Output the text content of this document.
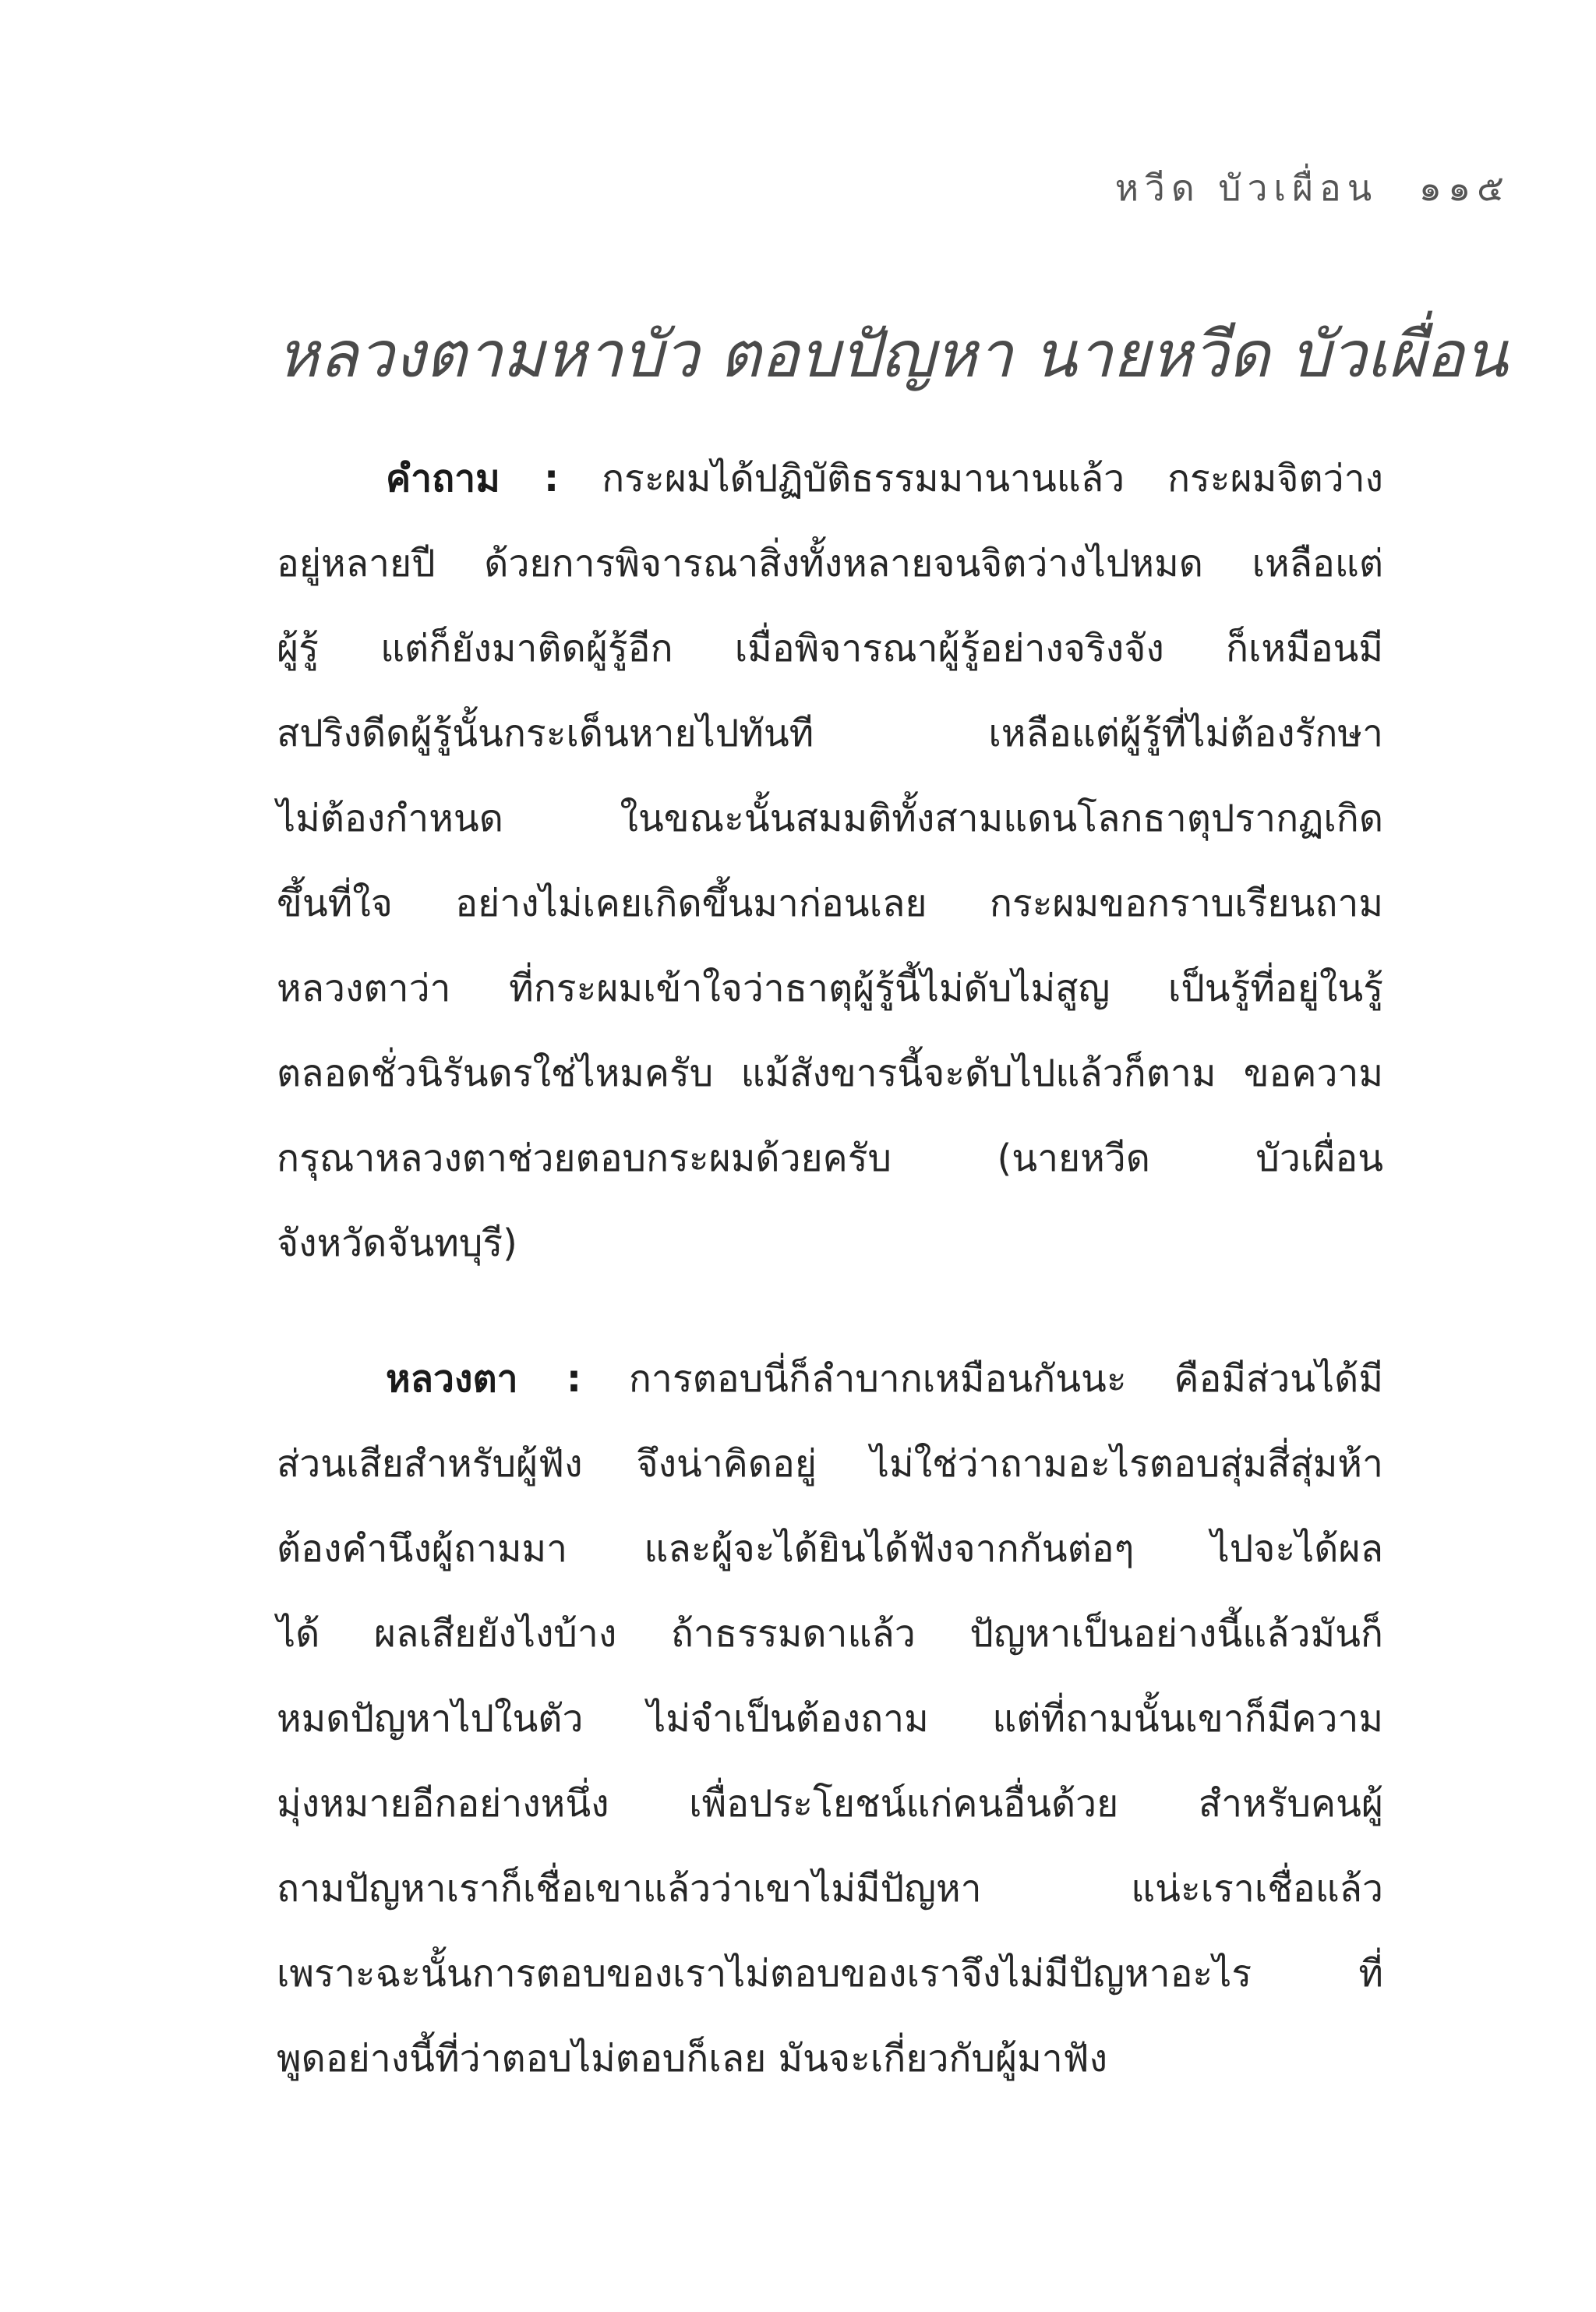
หวีด บัวเผื่อน ๑๑๕
หลวงตามหาบัว ตอบปัญหา นายหวีด บัวเผื่อน
คำถาม : กระผมได้ปฏิบัติธรรมมานานแล้ว กระผมจิตว่าง
อยู่หลายปี ด้วยการพิจารณาสิ่งทั้งหลายจนจิตว่างไปหมด เหลือแต่
ผู้รู้ แต่ก็ยังมาติดผู้รู้อีก เมื่อพิจารณาผู้รู้อย่างจริงจัง ก็เหมือนมี
สปริงดีดผู้รู้นั้นกระเด็นหายไปทันที เหลือแต่ผู้รู้ที่ไม่ต้องรักษา
ไม่ต้องกำหนด ในขณะนั้นสมมติทั้งสามแดนโลกธาตุปรากฏเกิด
ขึ้นที่ใจ อย่างไม่เคยเกิดขึ้นมาก่อนเลย กระผมขอกราบเรียนถาม
หลวงตาว่า ที่กระผมเข้าใจว่าธาตุผู้รู้นี้ไม่ดับไม่สูญ เป็นรู้ที่อยู่ในรู้
ตลอดชั่วนิรันดรใช่ไหมครับ แม้สังขารนี้จะดับไปแล้วก็ตาม ขอความ
กรุณาหลวงตาช่วยตอบกระผมด้วยครับ (นายหวีด บัวเผื่อน
จังหวัดจันทบุรี)
หลวงตา : การตอบนี่ก็ลำบากเหมือนกันนะ คือมีส่วนได้มี
ส่วนเสียสำหรับผู้ฟัง จึงน่าคิดอยู่ ไม่ใช่ว่าถามอะไรตอบสุ่มสี่สุ่มห้า
ต้องคำนึงผู้ถามมา และผู้จะได้ยินได้ฟังจากกันต่อๆ ไปจะได้ผล
ได้ ผลเสียยังไงบ้าง ถ้าธรรมดาแล้ว ปัญหาเป็นอย่างนี้แล้วมันก็
หมดปัญหาไปในตัว ไม่จำเป็นต้องถาม แต่ที่ถามนั้นเขาก็มีความ
มุ่งหมายอีกอย่างหนึ่ง เพื่อประโยชน์แก่คนอื่นด้วย สำหรับคนผู้
ถามปัญหาเราก็เชื่อเขาแล้วว่าเขาไม่มีปัญหา แน่ะเราเชื่อแล้ว
เพราะฉะนั้นการตอบของเราไม่ตอบของเราจึงไม่มีปัญหาอะไร ที่
พูดอย่างนี้ที่ว่าตอบไม่ตอบก็เลย มันจะเกี่ยวกับผู้มาฟัง
